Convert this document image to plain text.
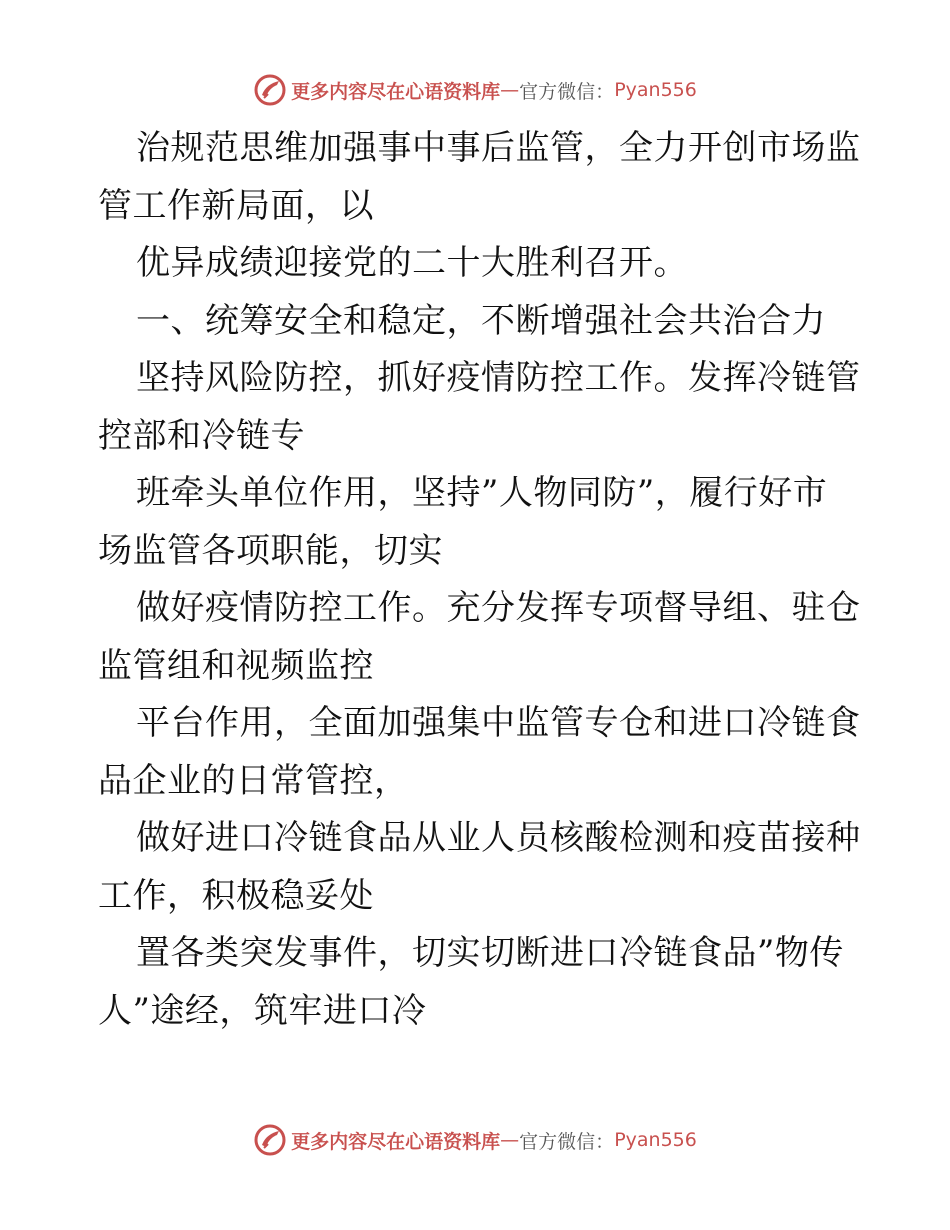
更多内容尽在心语资料库 — 官方微信： Pyan556
治规范思维加强事中事后监管，全力开创市场监
管工作新局面，以
优异成绩迎接党的二十大胜利召开。
一、统筹安全和稳定，不断增强社会共治合力
坚持风险防控，抓好疫情防控工作。发挥冷链管
控部和冷链专
班牵头单位作用，坚持”人物同防”，履行好市
场监管各项职能，切实
做好疫情防控工作。充分发挥专项督导组、驻仓
监管组和视频监控
平台作用，全面加强集中监管专仓和进口冷链食
品企业的日常管控，
做好进口冷链食品从业人员核酸检测和疫苗接种
工作，积极稳妥处
置各类突发事件，切实切断进口冷链食品”物传
人”途经，筑牢进口冷
更多内容尽在心语资料库 — 官方微信： Pyan556
